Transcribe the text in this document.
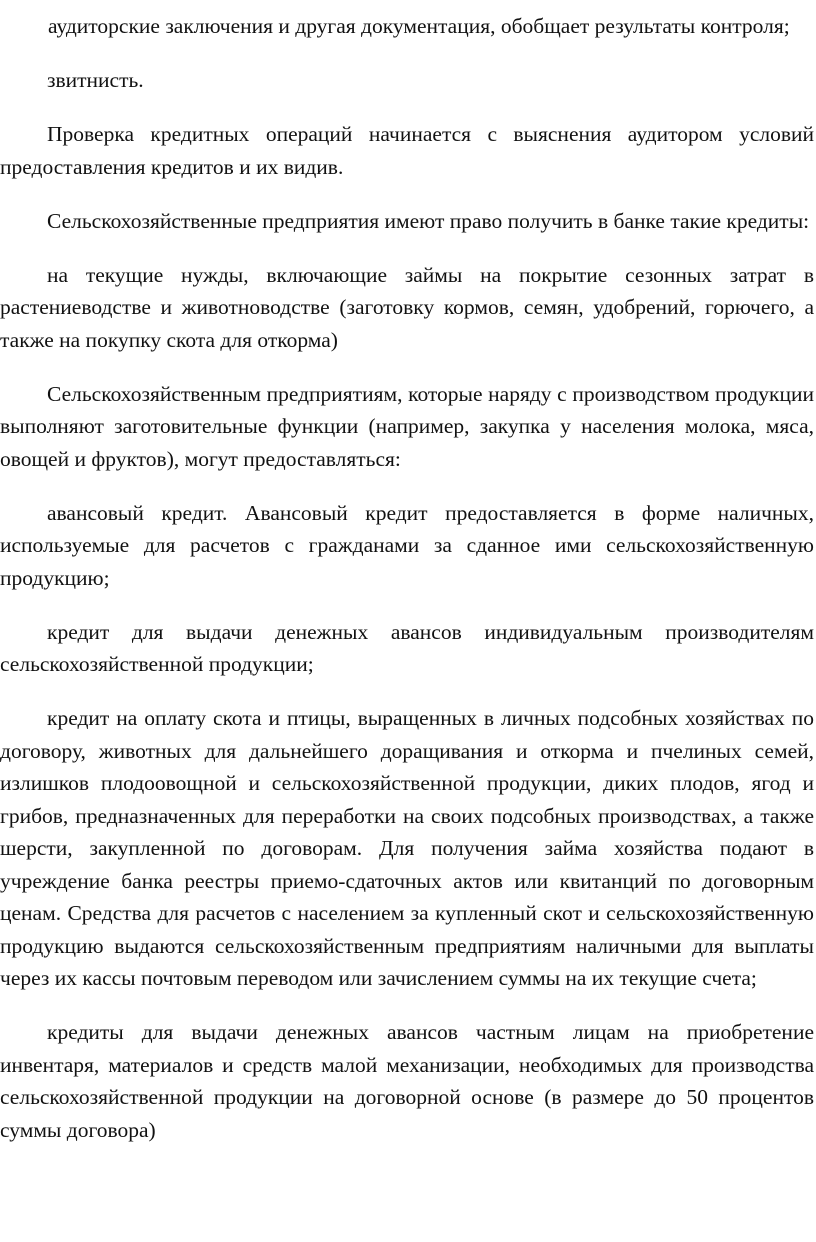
аудиторские заключения и другая документация, обобщает результаты контроля;

звитнисть.

Проверка кредитных операций начинается с выяснения аудитором условий предоставления кредитов и их видив.

Сельскохозяйственные предприятия имеют право получить в банке такие кредиты:

на текущие нужды, включающие займы на покрытие сезонных затрат в растениеводстве и животноводстве (заготовку кормов, семян, удобрений, горючего, а также на покупку скота для откорма)

Сельскохозяйственным предприятиям, которые наряду с производством продукции выполняют заготовительные функции (например, закупка у населения молока, мяса, овощей и фруктов), могут предоставляться:

авансовый кредит. Авансовый кредит предоставляется в форме наличных, используемые для расчетов с гражданами за сданное ими сельскохозяйственную продукцию;

кредит для выдачи денежных авансов индивидуальным производителям сельскохозяйственной продукции;

кредит на оплату скота и птицы, выращенных в личных подсобных хозяйствах по договору, животных для дальнейшего доращивания и откорма и пчелиных семей, излишков плодоовощной и сельскохозяйственной продукции, диких плодов, ягод и грибов, предназначенных для переработки на своих подсобных производствах, а также шерсти, закупленной по договорам. Для получения займа хозяйства подают в учреждение банка реестры приемо-сдаточных актов или квитанций по договорным ценам. Средства для расчетов с населением за купленный скот и сельскохозяйственную продукцию выдаются сельскохозяйственным предприятиям наличными для выплаты через их кассы почтовым переводом или зачислением суммы на их текущие счета;

кредиты для выдачи денежных авансов частным лицам на приобретение инвентаря, материалов и средств малой механизации, необходимых для производства сельскохозяйственной продукции на договорной основе (в размере до 50 процентов суммы договора)
